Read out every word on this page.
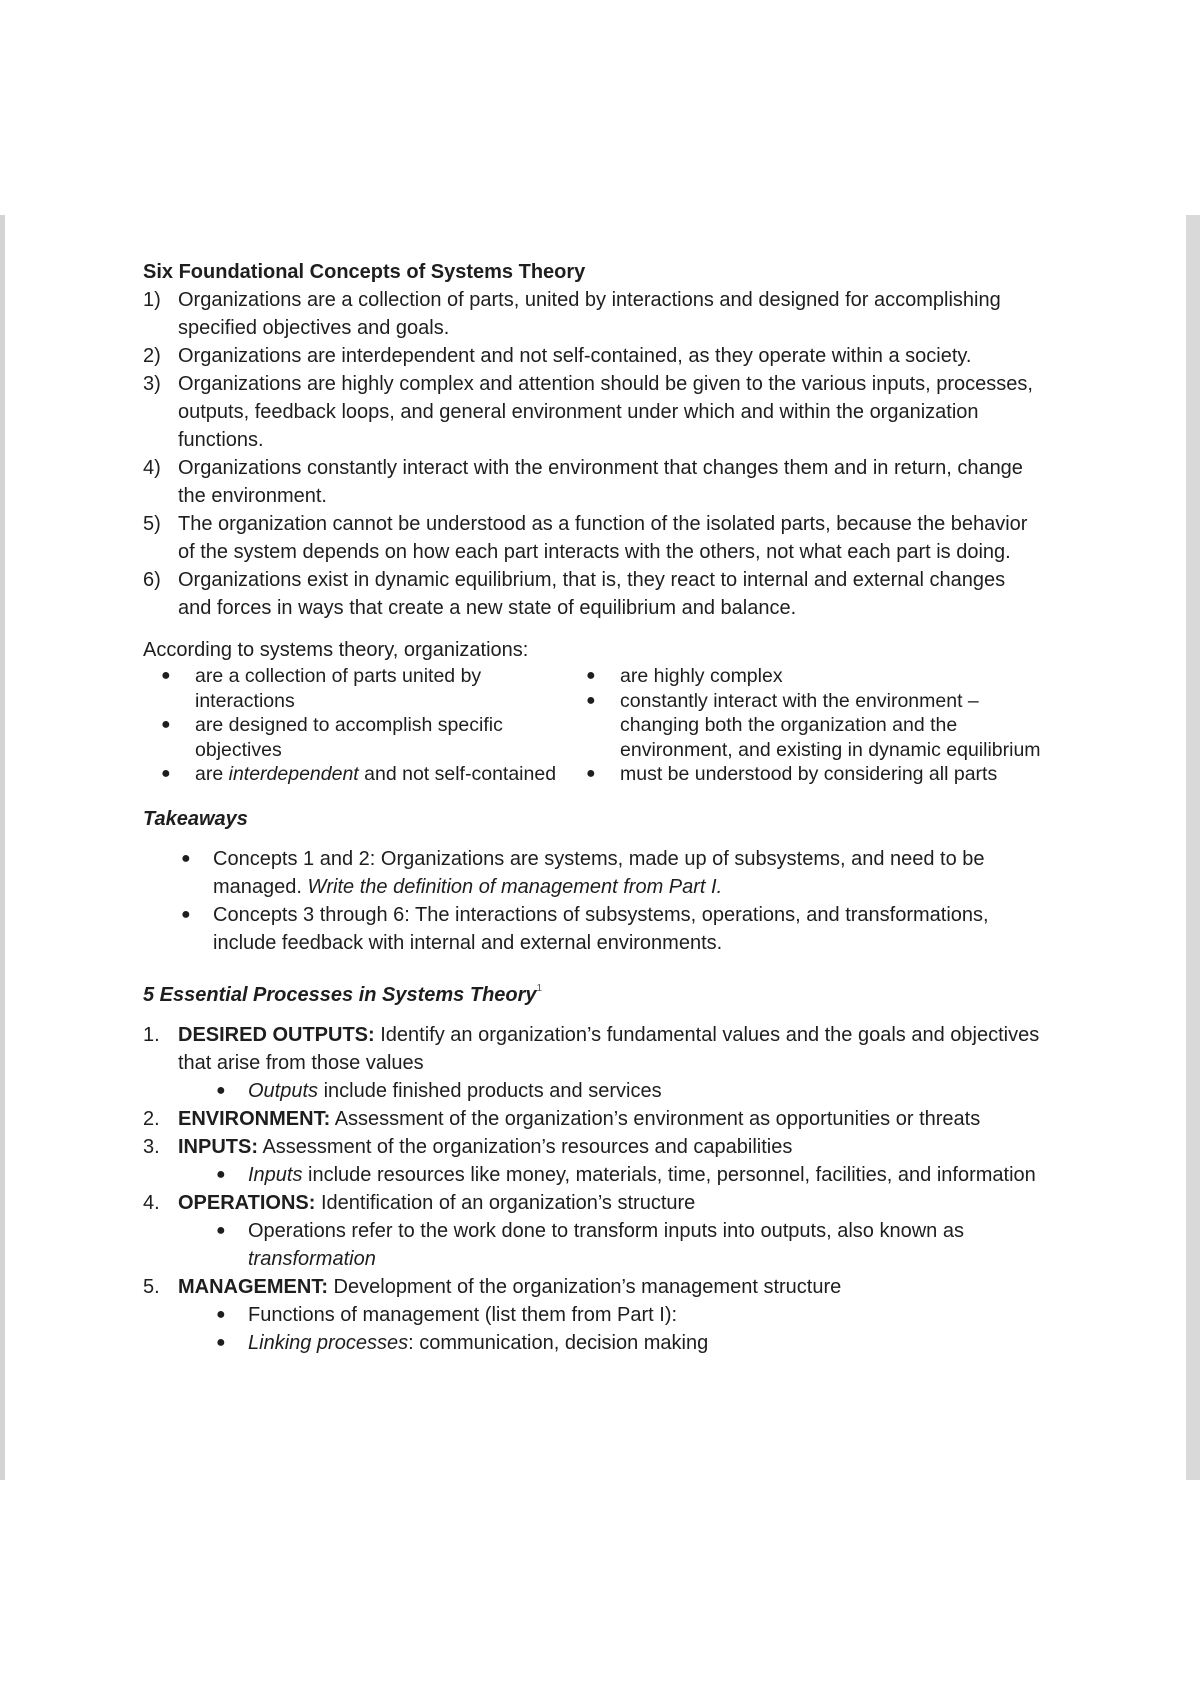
Six Foundational Concepts of Systems Theory

1) Organizations are a collection of parts, united by interactions and designed for accomplishing specified objectives and goals.
2) Organizations are interdependent and not self-contained, as they operate within a society.
3) Organizations are highly complex and attention should be given to the various inputs, processes, outputs, feedback loops, and general environment under which and within the organization functions.
4) Organizations constantly interact with the environment that changes them and in return, change the environment.
5) The organization cannot be understood as a function of the isolated parts, because the behavior of the system depends on how each part interacts with the others, not what each part is doing.
6) Organizations exist in dynamic equilibrium, that is, they react to internal and external changes and forces in ways that create a new state of equilibrium and balance.
According to systems theory, organizations:
● are a collection of parts united by interactions
● are designed to accomplish specific objectives
● are interdependent and not self-contained
● are highly complex
● constantly interact with the environment – changing both the organization and the environment, and existing in dynamic equilibrium
● must be understood by considering all parts

Takeaways

● Concepts 1 and 2: Organizations are systems, made up of subsystems, and need to be managed. Write the definition of management from Part I.
● Concepts 3 through 6: The interactions of subsystems, operations, and transformations, include feedback with internal and external environments.

5 Essential Processes in Systems Theory$^1$

1. DESIRED OUTPUTS: Identify an organization’s fundamental values and the goals and objectives that arise from those values
● Outputs include finished products and services
2. ENVIRONMENT: Assessment of the organization’s environment as opportunities or threats
3. INPUTS: Assessment of the organization’s resources and capabilities
● Inputs include resources like money, materials, time, personnel, facilities, and information
4. OPERATIONS: Identification of an organization’s structure
● Operations refer to the work done to transform inputs into outputs, also known as transformation
5. MANAGEMENT: Development of the organization’s management structure
● Functions of management (list them from Part I):
● Linking processes: communication, decision making
